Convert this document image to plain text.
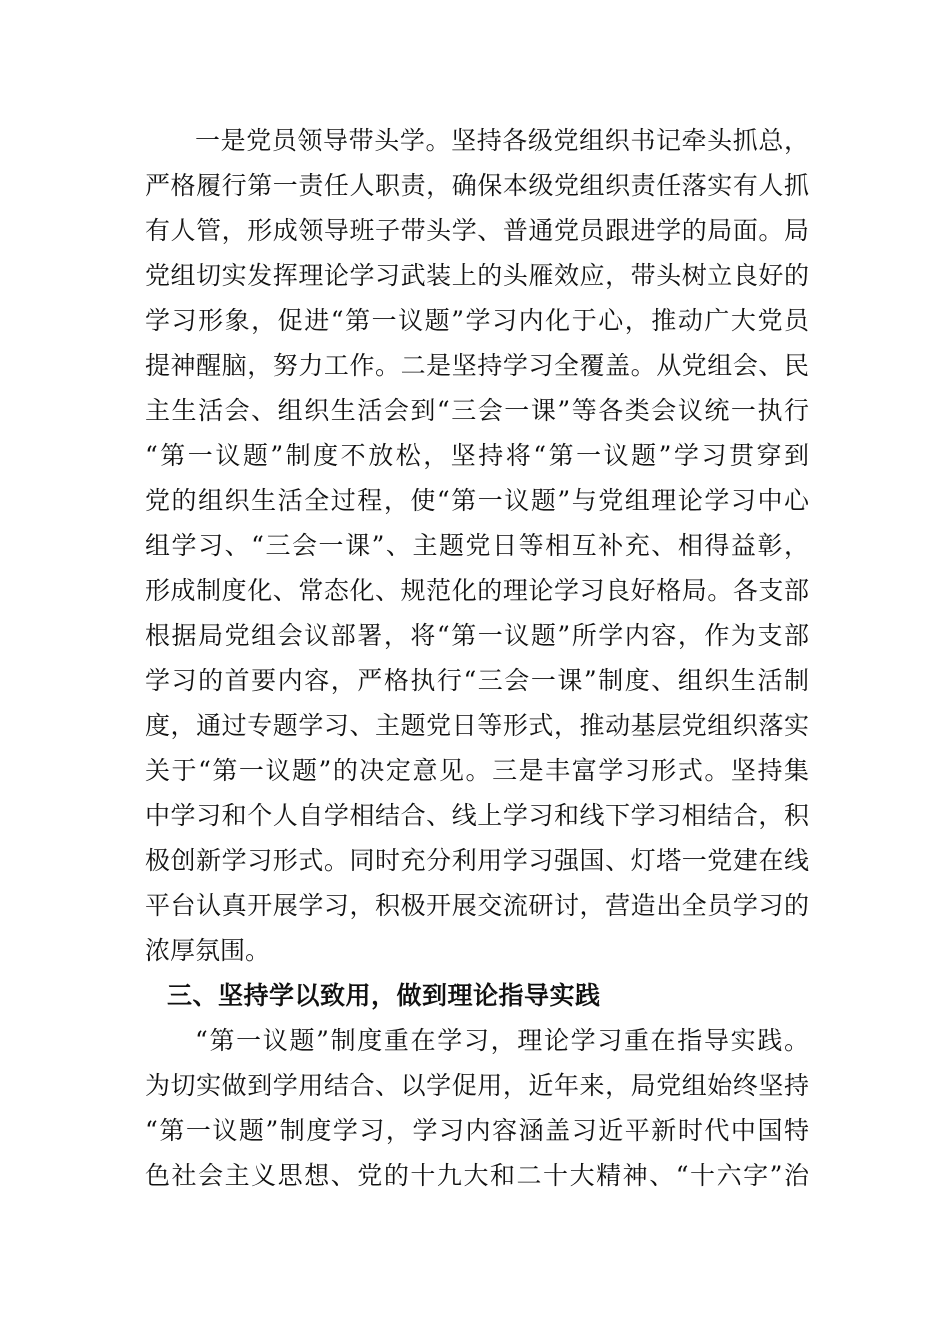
一是党员领导带头学。坚持各级党组织书记牵头抓总，
严格履行第一责任人职责，确保本级党组织责任落实有人抓
有人管，形成领导班子带头学、普通党员跟进学的局面。局
党组切实发挥理论学习武装上的头雁效应，带头树立良好的
学习形象，促进“第一议题”学习内化于心，推动广大党员
提神醒脑，努力工作。二是坚持学习全覆盖。从党组会、民
主生活会、组织生活会到“三会一课”等各类会议统一执行
“第一议题”制度不放松，坚持将“第一议题”学习贯穿到
党的组织生活全过程，使“第一议题”与党组理论学习中心
组学习、“三会一课”、主题党日等相互补充、相得益彰，
形成制度化、常态化、规范化的理论学习良好格局。各支部
根据局党组会议部署，将“第一议题”所学内容，作为支部
学习的首要内容，严格执行“三会一课”制度、组织生活制
度，通过专题学习、主题党日等形式，推动基层党组织落实
关于“第一议题”的决定意见。三是丰富学习形式。坚持集
中学习和个人自学相结合、线上学习和线下学习相结合，积
极创新学习形式。同时充分利用学习强国、灯塔一党建在线
平台认真开展学习，积极开展交流研讨，营造出全员学习的
浓厚氛围。
三、坚持学以致用，做到理论指导实践
“第一议题”制度重在学习，理论学习重在指导实践。
为切实做到学用结合、以学促用，近年来，局党组始终坚持
“第一议题”制度学习，学习内容涵盖习近平新时代中国特
色社会主义思想、党的十九大和二十大精神、“十六字”治
